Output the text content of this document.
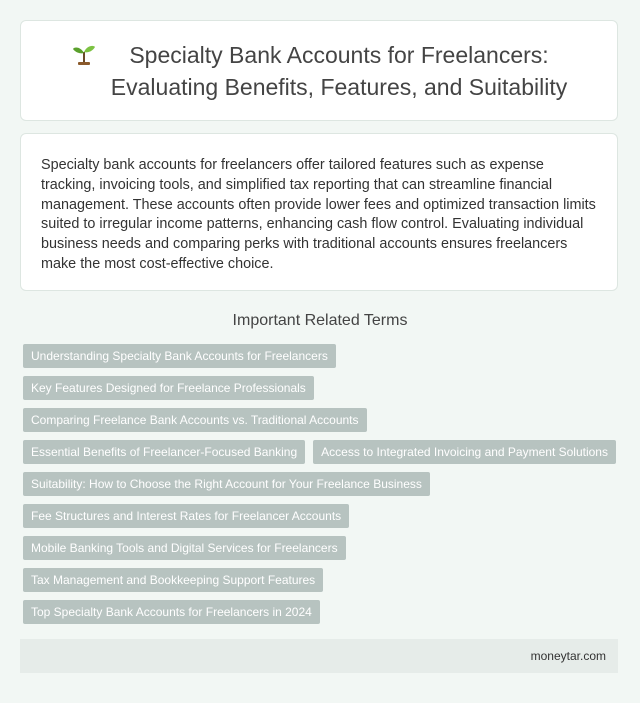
Specialty Bank Accounts for Freelancers:
Evaluating Benefits, Features, and Suitability

Specialty bank accounts for freelancers offer tailored features such as expense tracking, invoicing tools, and simplified tax reporting that can streamline financial management. These accounts often provide lower fees and optimized transaction limits suited to irregular income patterns, enhancing cash flow control. Evaluating individual business needs and comparing perks with traditional accounts ensures freelancers make the most cost-effective choice.

Important Related Terms
Understanding Specialty Bank Accounts for Freelancers
Key Features Designed for Freelance Professionals
Comparing Freelance Bank Accounts vs. Traditional Accounts
Essential Benefits of Freelancer-Focused Banking	Access to Integrated Invoicing and Payment Solutions
Suitability: How to Choose the Right Account for Your Freelance Business
Fee Structures and Interest Rates for Freelancer Accounts
Mobile Banking Tools and Digital Services for Freelancers
Tax Management and Bookkeeping Support Features
Top Specialty Bank Accounts for Freelancers in 2024
moneytar.com
